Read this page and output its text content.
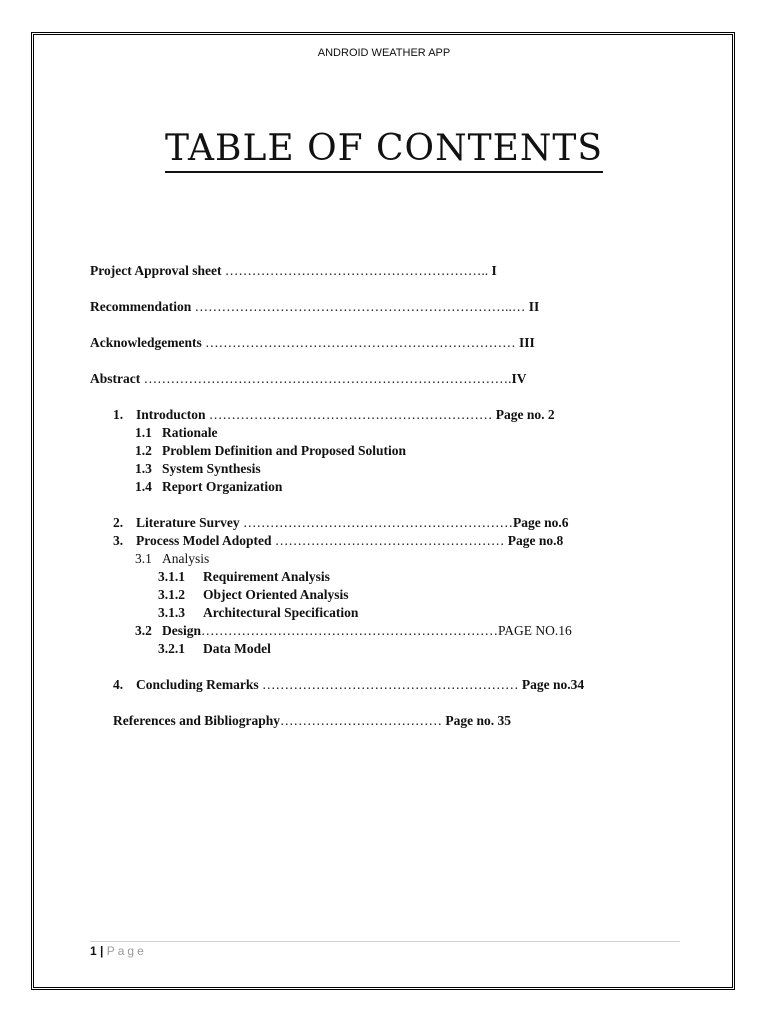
ANDROID WEATHER APP
TABLE OF CONTENTS
Project Approval sheet ………………………………………………….. I
Recommendation ……………………………………………………………..… II
Acknowledgements …………………………………………………………… III
Abstract ……………………………………………………………………….IV
1. Introducton ……………………………………………………… Page no. 2
1.1 Rationale
1.2 Problem Definition and Proposed Solution
1.3 System Synthesis
1.4 Report Organization
2. Literature Survey ……………………………………………………Page no.6
3. Process Model Adopted …………………………………………… Page no.8
3.1 Analysis
3.1.1 Requirement Analysis
3.1.2 Object Oriented Analysis
3.1.3 Architectural Specification
3.2 Design…………………………………………………………PAGE NO.16
3.2.1 Data Model
4. Concluding Remarks ………………………………………………… Page no.34
References and Bibliography……………………………… Page no. 35
1 | Page
